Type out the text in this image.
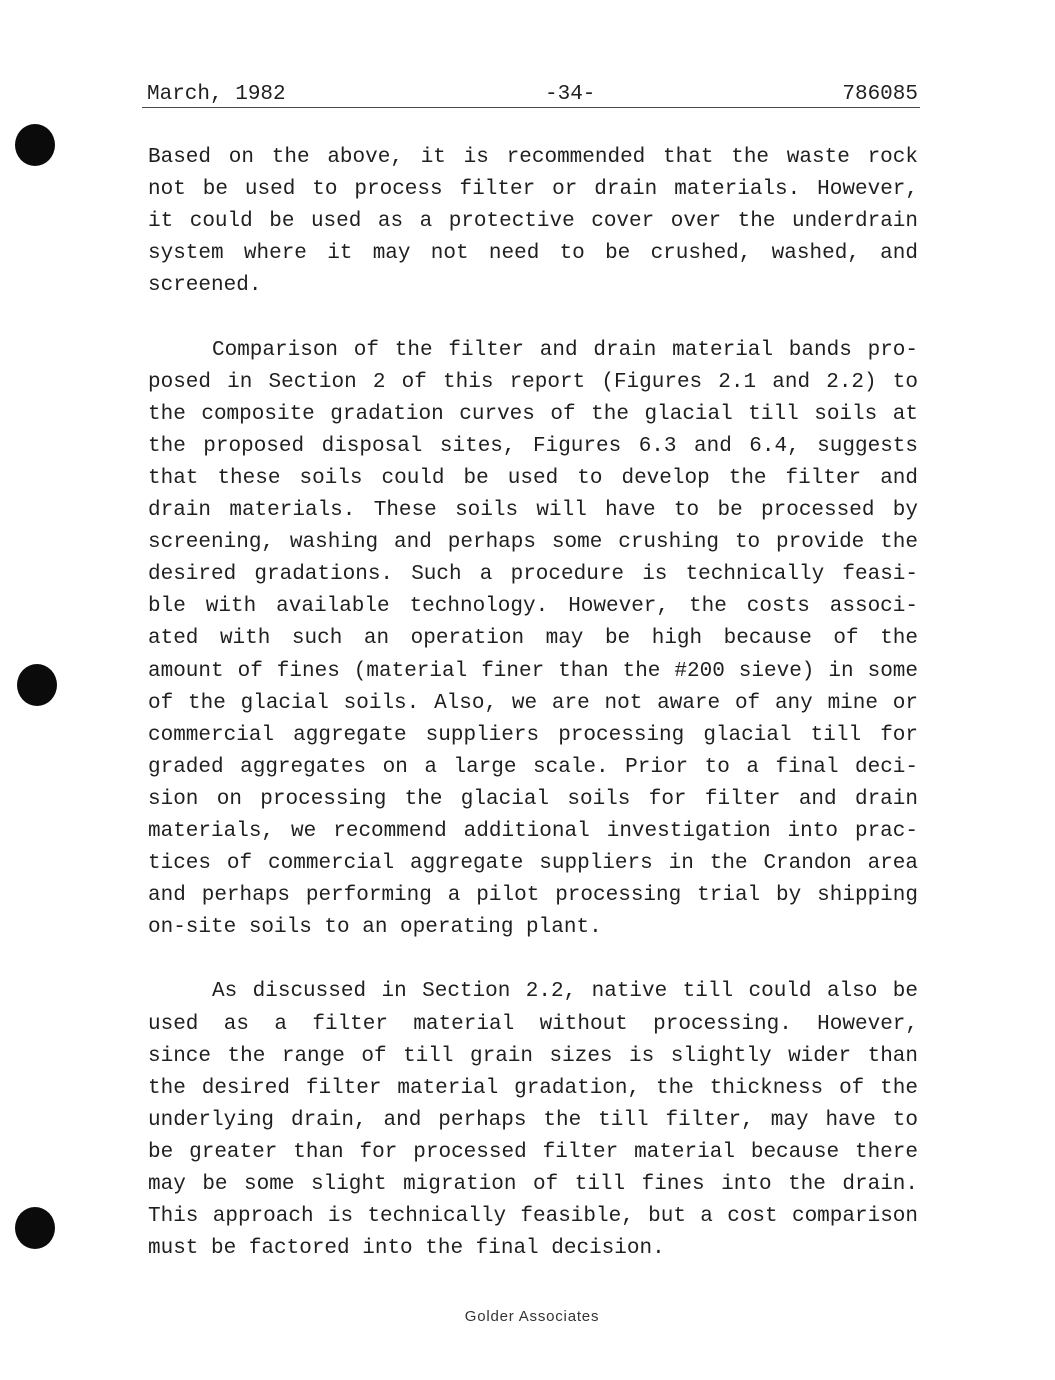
March, 1982	-34-	786085
Based on the above, it is recommended that the waste rock
not be used to process filter or drain materials. However,
it could be used as a protective cover over the underdrain
system where it may not need to be crushed, washed, and
screened.
Comparison of the filter and drain material bands pro-
posed in Section 2 of this report (Figures 2.1 and 2.2) to
the composite gradation curves of the glacial till soils at
the proposed disposal sites, Figures 6.3 and 6.4, suggests
that these soils could be used to develop the filter and
drain materials. These soils will have to be processed by
screening, washing and perhaps some crushing to provide the
desired gradations. Such a procedure is technically feasi-
ble with available technology. However, the costs associ-
ated with such an operation may be high because of the
amount of fines (material finer than the #200 sieve) in some
of the glacial soils. Also, we are not aware of any mine or
commercial aggregate suppliers processing glacial till for
graded aggregates on a large scale. Prior to a final deci-
sion on processing the glacial soils for filter and drain
materials, we recommend additional investigation into prac-
tices of commercial aggregate suppliers in the Crandon area
and perhaps performing a pilot processing trial by shipping
on-site soils to an operating plant.
As discussed in Section 2.2, native till could also be
used as a filter material without processing. However,
since the range of till grain sizes is slightly wider than
the desired filter material gradation, the thickness of the
underlying drain, and perhaps the till filter, may have to
be greater than for processed filter material because there
may be some slight migration of till fines into the drain.
This approach is technically feasible, but a cost comparison
must be factored into the final decision.
Golder Associates
